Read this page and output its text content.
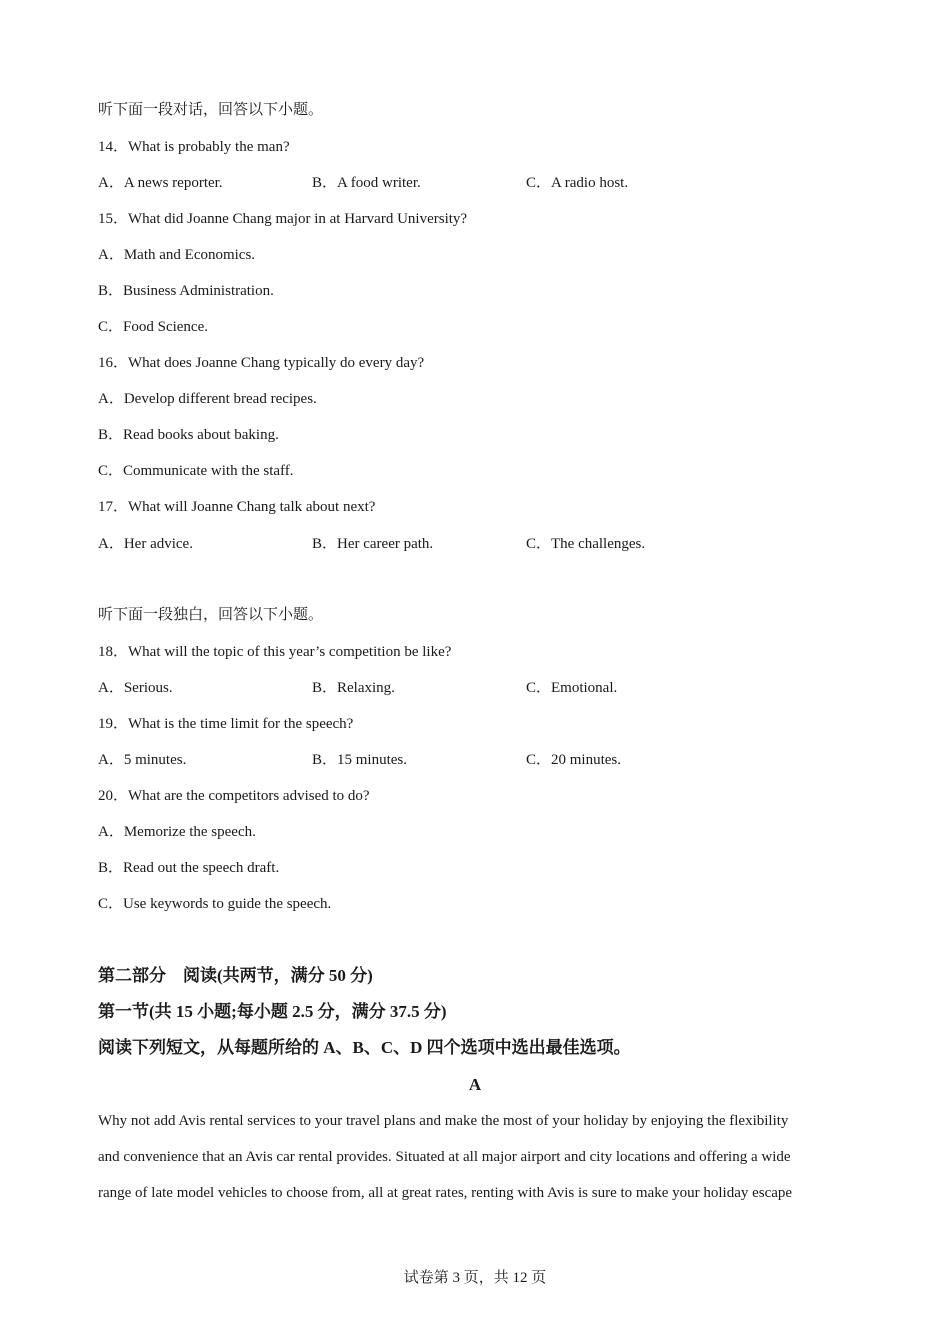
听下面一段对话，回答以下小题。
14．What is probably the man?
A．A news reporter.	B．A food writer.	C．A radio host.
15．What did Joanne Chang major in at Harvard University?
A．Math and Economics.
B．Business Administration.
C．Food Science.
16．What does Joanne Chang typically do every day?
A．Develop different bread recipes.
B．Read books about baking.
C．Communicate with the staff.
17．What will Joanne Chang talk about next?
A．Her advice.	B．Her career path.	C．The challenges.
听下面一段独白，回答以下小题。
18．What will the topic of this year’s competition be like?
A．Serious.	B．Relaxing.	C．Emotional.
19．What is the time limit for the speech?
A．5 minutes.	B．15 minutes.	C．20 minutes.
20．What are the competitors advised to do?
A．Memorize the speech.
B．Read out the speech draft.
C．Use keywords to guide the speech.
第二部分　阅读(共两节，满分 50 分)
第一节(共 15 小题;每小题 2.5 分，满分 37.5 分)
阅读下列短文，从每题所给的 A、B、C、D 四个选项中选出最佳选项。
A
Why not add Avis rental services to your travel plans and make the most of your holiday by enjoying the flexibility
and convenience that an Avis car rental provides. Situated at all major airport and city locations and offering a wide
range of late model vehicles to choose from, all at great rates, renting with Avis is sure to make your holiday escape
试卷第 3 页，共 12 页
